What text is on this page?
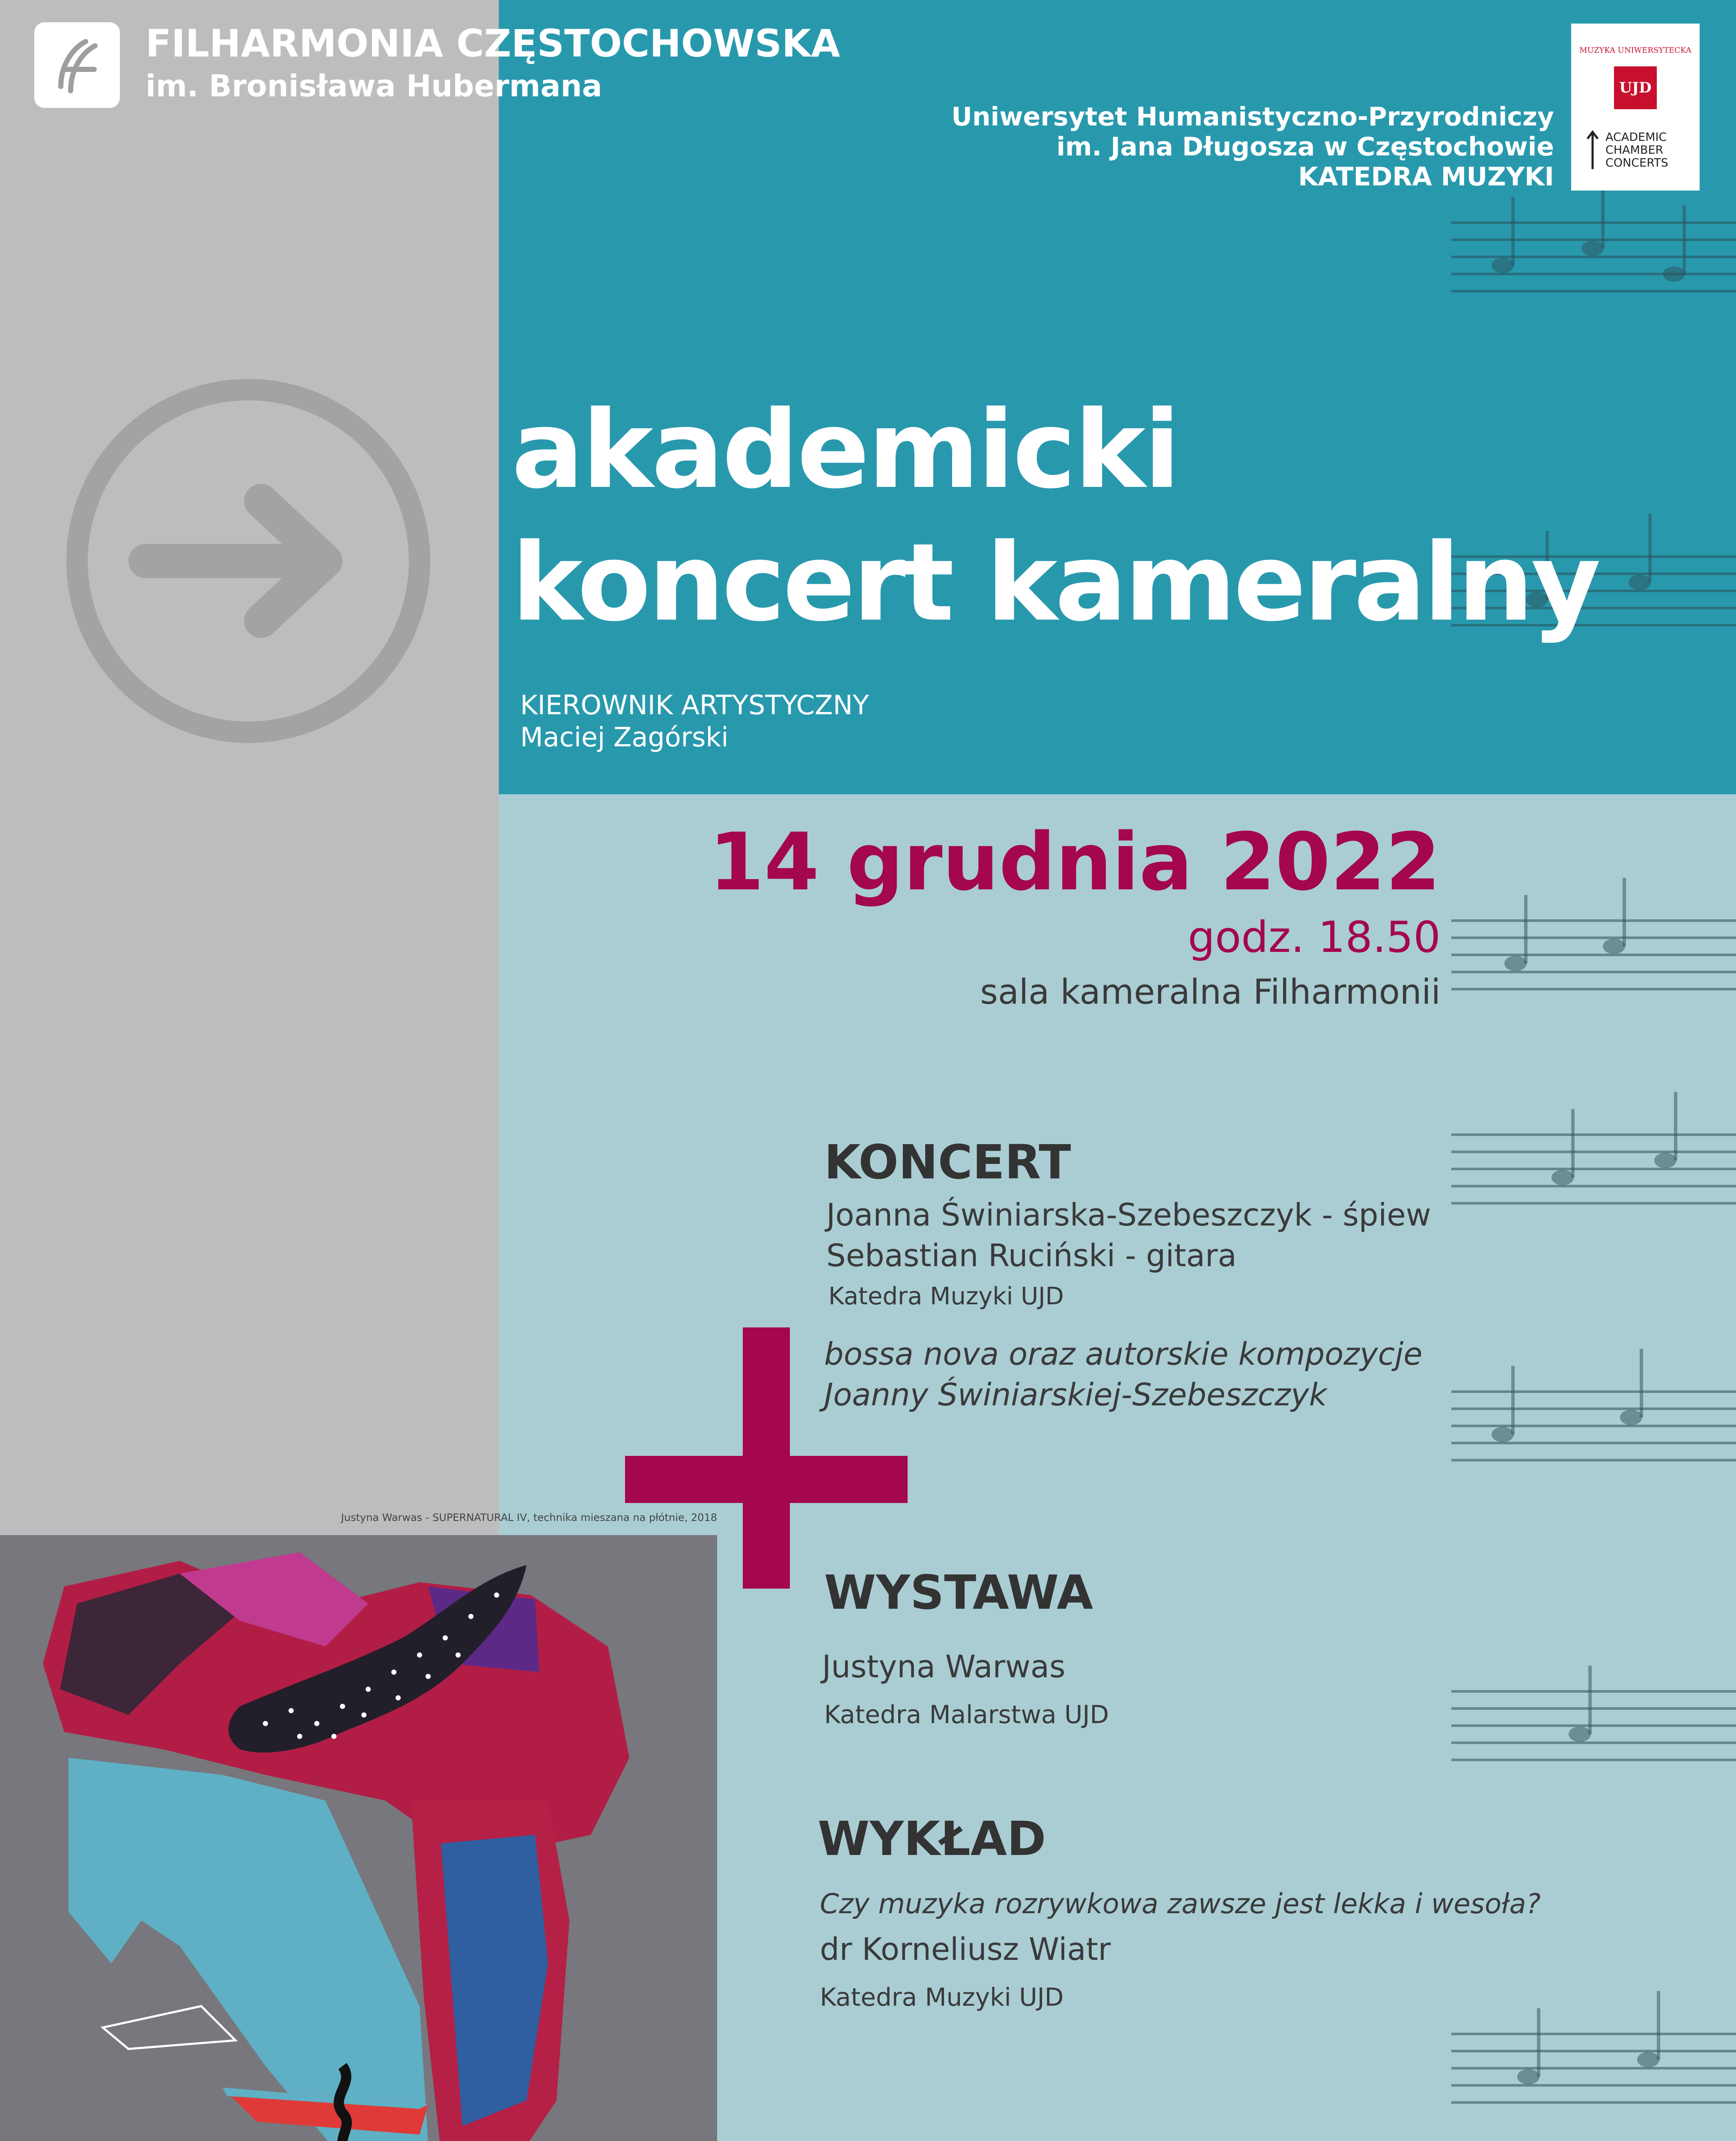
FILHARMONIA CZĘSTOCHOWSKA
im. Bronisława Hubermana
Uniwersytet Humanistyczno-Przyrodniczy
im. Jana Długosza w Częstochowie
KATEDRA MUZYKI
MUZYKA UNIWERSYTECKA
UJD
ACADEMIC
CHAMBER
CONCERTS
akademicki
koncert kameralny
KIEROWNIK ARTYSTYCZNY
Maciej Zagórski
14 grudnia 2022
godz. 18.50
sala kameralna Filharmonii
KONCERT
Joanna Świniarska-Szebeszczyk - śpiew
Sebastian Ruciński - gitara
Katedra Muzyki UJD
bossa nova oraz autorskie kompozycje
Joanny Świniarskiej-Szebeszczyk
WYSTAWA
Justyna Warwas
Katedra Malarstwa UJD
WYKŁAD
Czy muzyka rozrywkowa zawsze jest lekka i wesoła?
dr Korneliusz Wiatr
Katedra Muzyki UJD
Justyna Warwas - SUPERNATURAL IV, technika mieszana na płótnie, 2018
